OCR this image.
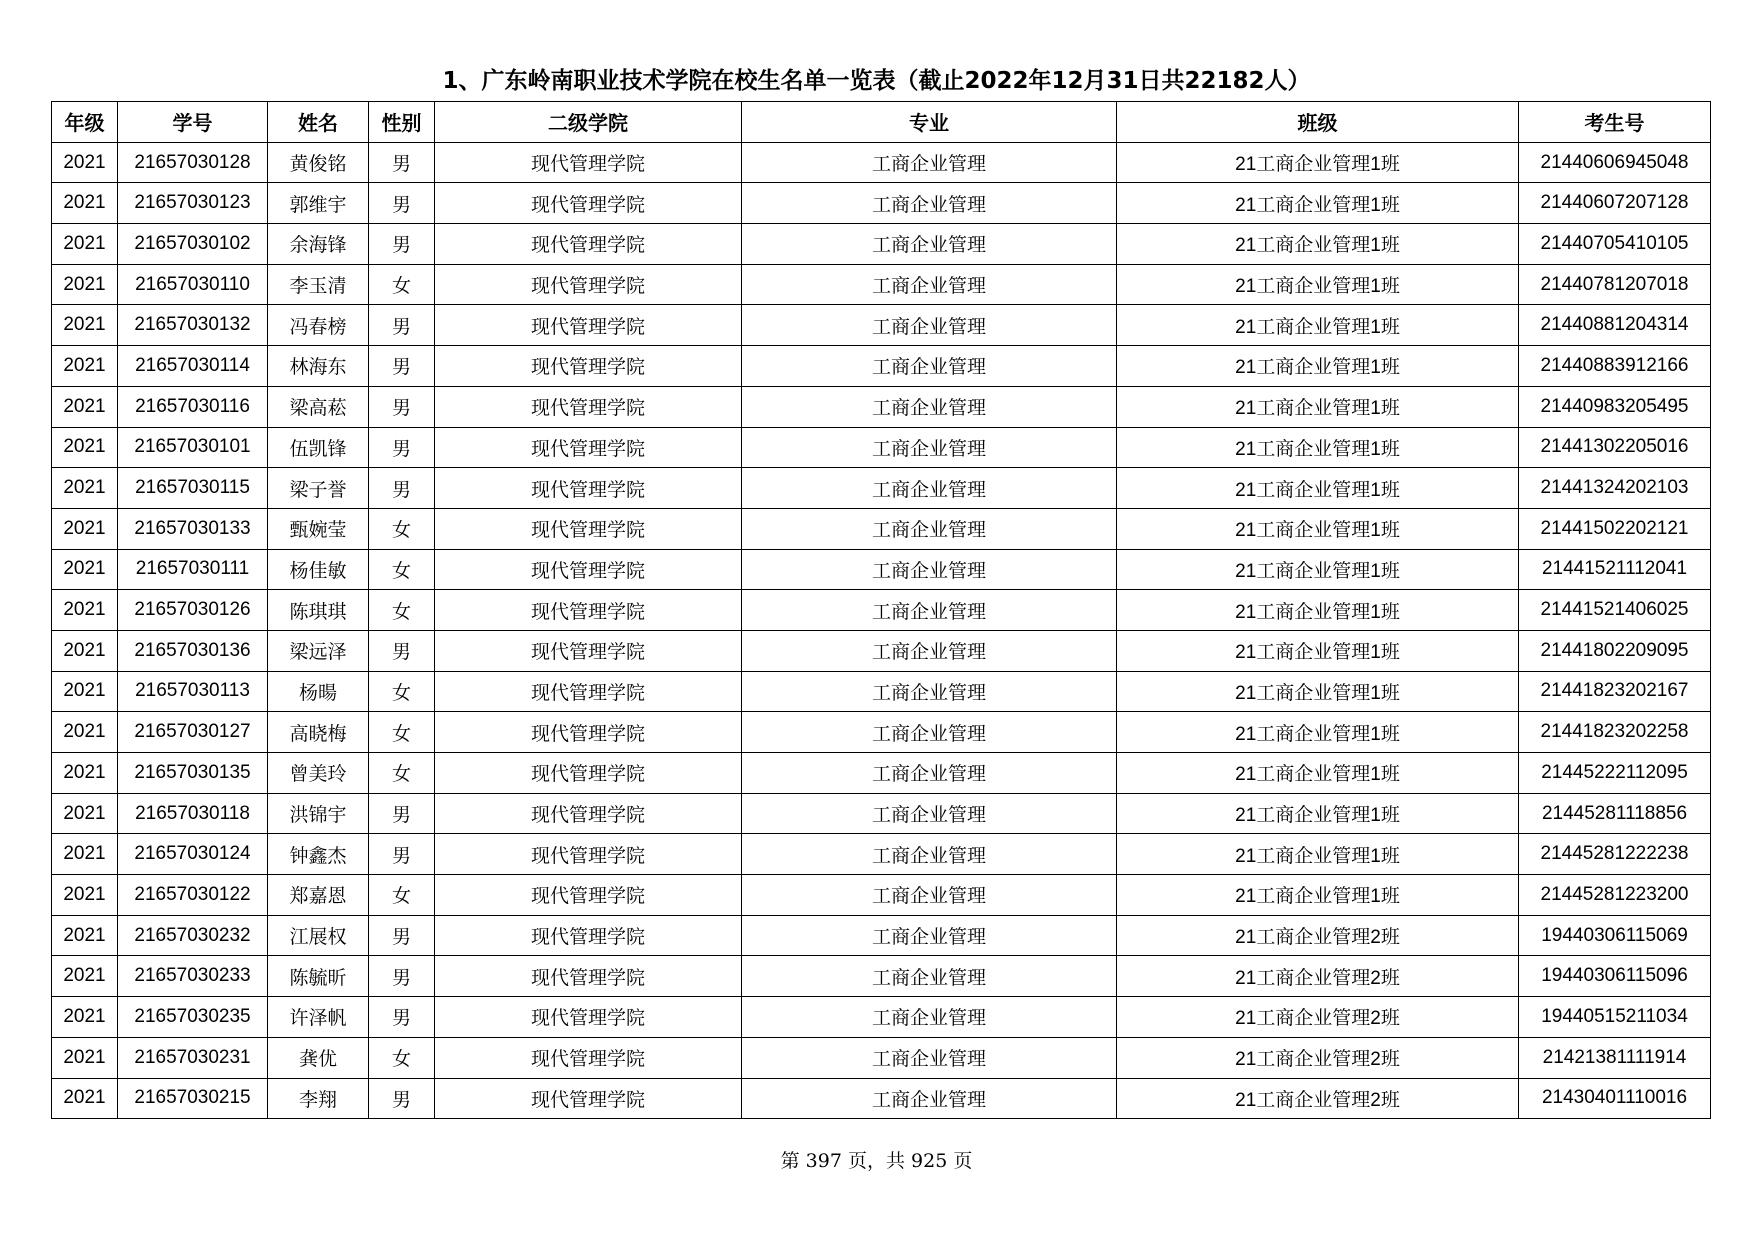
1、广东岭南职业技术学院在校生名单一览表（截止2022年12月31日共22182人）
年级	学号	姓名	性别	二级学院	专业	班级	考生号
2021	21657030128	黄俊铭	男	现代管理学院	工商企业管理	21工商企业管理1班	21440606945048
2021	21657030123	郭维宇	男	现代管理学院	工商企业管理	21工商企业管理1班	21440607207128
2021	21657030102	余海锋	男	现代管理学院	工商企业管理	21工商企业管理1班	21440705410105
2021	21657030110	李玉清	女	现代管理学院	工商企业管理	21工商企业管理1班	21440781207018
2021	21657030132	冯春榜	男	现代管理学院	工商企业管理	21工商企业管理1班	21440881204314
2021	21657030114	林海东	男	现代管理学院	工商企业管理	21工商企业管理1班	21440883912166
2021	21657030116	梁高菘	男	现代管理学院	工商企业管理	21工商企业管理1班	21440983205495
2021	21657030101	伍凯锋	男	现代管理学院	工商企业管理	21工商企业管理1班	21441302205016
2021	21657030115	梁子誉	男	现代管理学院	工商企业管理	21工商企业管理1班	21441324202103
2021	21657030133	甄婉莹	女	现代管理学院	工商企业管理	21工商企业管理1班	21441502202121
2021	21657030111	杨佳敏	女	现代管理学院	工商企业管理	21工商企业管理1班	21441521112041
2021	21657030126	陈琪琪	女	现代管理学院	工商企业管理	21工商企业管理1班	21441521406025
2021	21657030136	梁远泽	男	现代管理学院	工商企业管理	21工商企业管理1班	21441802209095
2021	21657030113	杨暘	女	现代管理学院	工商企业管理	21工商企业管理1班	21441823202167
2021	21657030127	高晓梅	女	现代管理学院	工商企业管理	21工商企业管理1班	21441823202258
2021	21657030135	曾美玲	女	现代管理学院	工商企业管理	21工商企业管理1班	21445222112095
2021	21657030118	洪锦宇	男	现代管理学院	工商企业管理	21工商企业管理1班	21445281118856
2021	21657030124	钟鑫杰	男	现代管理学院	工商企业管理	21工商企业管理1班	21445281222238
2021	21657030122	郑嘉恩	女	现代管理学院	工商企业管理	21工商企业管理1班	21445281223200
2021	21657030232	江展权	男	现代管理学院	工商企业管理	21工商企业管理2班	19440306115069
2021	21657030233	陈毓昕	男	现代管理学院	工商企业管理	21工商企业管理2班	19440306115096
2021	21657030235	许泽帆	男	现代管理学院	工商企业管理	21工商企业管理2班	19440515211034
2021	21657030231	龚优	女	现代管理学院	工商企业管理	21工商企业管理2班	21421381111914
2021	21657030215	李翔	男	现代管理学院	工商企业管理	21工商企业管理2班	21430401110016
第 397 页，共 925 页
